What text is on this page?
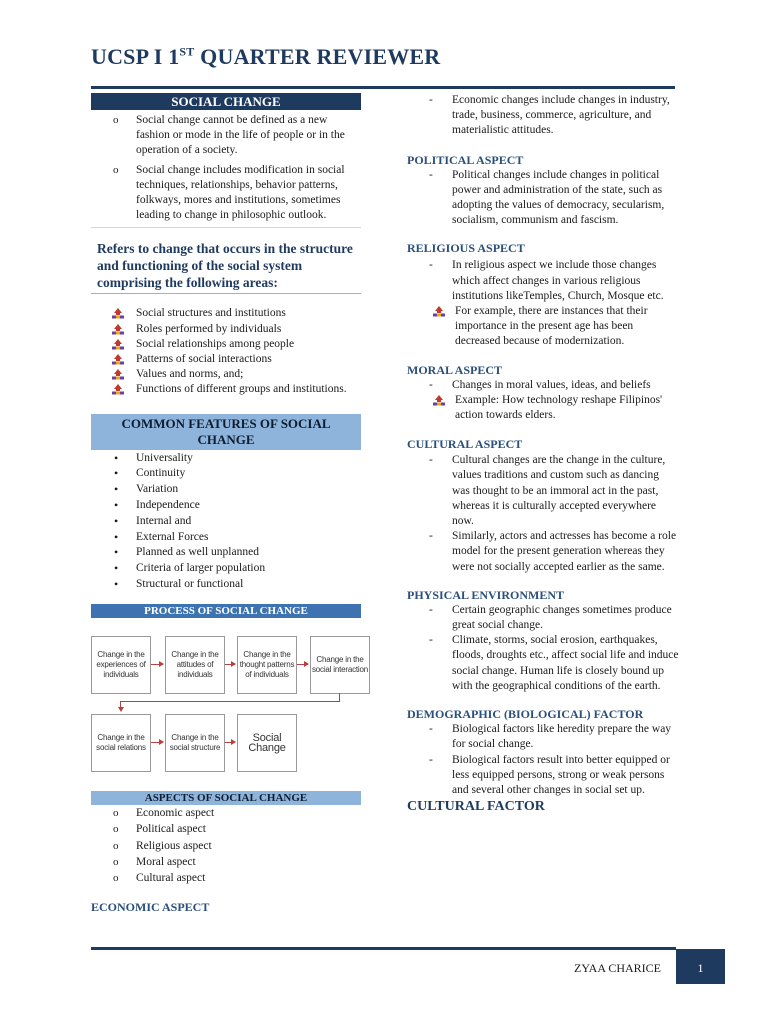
UCSP I 1ST QUARTER REVIEWER
SOCIAL CHANGE
o Social change cannot be defined as a new fashion or mode in the life of people or in the operation of a society.
o Social change includes modification in social techniques, relationships, behavior patterns, folkways, mores and institutions, sometimes leading to change in philosophic outlook.
Refers to change that occurs in the structure and functioning of the social system comprising the following areas:
Social structures and institutions
Roles performed by individuals
Social relationships among people
Patterns of social interactions
Values and norms, and;
Functions of different groups and institutions.
COMMON FEATURES OF SOCIAL CHANGE
• Universality
• Continuity
• Variation
• Independence
• Internal and
• External Forces
• Planned as well unplanned
• Criteria of larger population
• Structural or functional
PROCESS OF SOCIAL CHANGE
Change in the experiences of individuals
Change in the attitudes of individuals
Change in the thought patterns of individuals
Change in the social interaction
Change in the social relations
Change in the social structure
Social Change
ASPECTS OF SOCIAL CHANGE
o Economic aspect
o Political aspect
o Religious aspect
o Moral aspect
o Cultural aspect
ECONOMIC ASPECT
- Economic changes include changes in industry, trade, business, commerce, agriculture, and materialistic attitudes.
POLITICAL ASPECT
- Political changes include changes in political power and administration of the state, such as adopting the values of democracy, secularism, socialism, communism and fascism.
RELIGIOUS ASPECT
- In religious aspect we include those changes which affect changes in various religious institutions likeTemples, Church, Mosque etc.
For example, there are instances that their importance in the present age has been decreased because of modernization.
MORAL ASPECT
- Changes in moral values, ideas, and beliefs
Example: How technology reshape Filipinos' action towards elders.
CULTURAL ASPECT
- Cultural changes are the change in the culture, values traditions and custom such as dancing was thought to be an immoral act in the past, whereas it is culturally accepted everywhere now.
- Similarly, actors and actresses has become a role model for the present generation whereas they were not socially accepted earlier as the same.
PHYSICAL ENVIRONMENT
- Certain geographic changes sometimes produce great social change.
- Climate, storms, social erosion, earthquakes, floods, droughts etc., affect social life and induce social change. Human life is closely bound up with the geographical conditions of the earth.
DEMOGRAPHIC (BIOLOGICAL) FACTOR
- Biological factors like heredity prepare the way for social change.
- Biological factors result into better equipped or less equipped persons, strong or weak persons and several other changes in social set up.
CULTURAL FACTOR
ZYAA CHARICE	1
